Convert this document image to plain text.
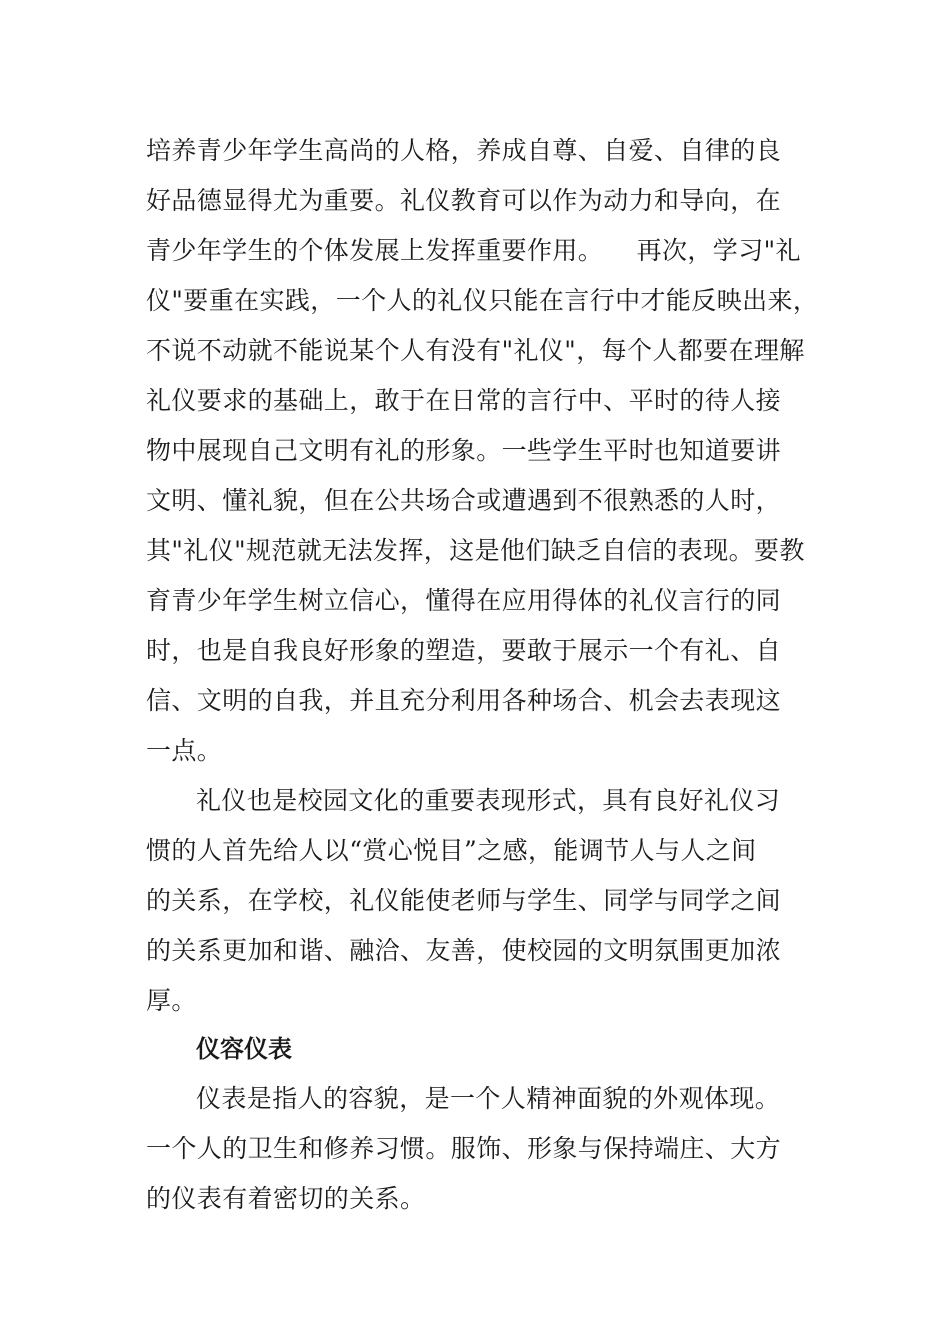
培养青少年学生高尚的人格，养成自尊、自爱、自律的良
好品德显得尤为重要。礼仪教育可以作为动力和导向，在
青少年学生的个体发展上发挥重要作用。    再次，学习"礼
仪"要重在实践，一个人的礼仪只能在言行中才能反映出来，
不说不动就不能说某个人有没有"礼仪"，每个人都要在理解
礼仪要求的基础上，敢于在日常的言行中、平时的待人接
物中展现自己文明有礼的形象。一些学生平时也知道要讲
文明、懂礼貌，但在公共场合或遭遇到不很熟悉的人时，
其"礼仪"规范就无法发挥，这是他们缺乏自信的表现。要教
育青少年学生树立信心，懂得在应用得体的礼仪言行的同
时，也是自我良好形象的塑造，要敢于展示一个有礼、自
信、文明的自我，并且充分利用各种场合、机会去表现这
一点。
礼仪也是校园文化的重要表现形式，具有良好礼仪习
惯的人首先给人以“赏心悦目”之感，能调节人与人之间
的关系，在学校，礼仪能使老师与学生、同学与同学之间
的关系更加和谐、融洽、友善，使校园的文明氛围更加浓
厚。
仪容仪表
仪表是指人的容貌，是一个人精神面貌的外观体现。
一个人的卫生和修养习惯。服饰、形象与保持端庄、大方
的仪表有着密切的关系。
